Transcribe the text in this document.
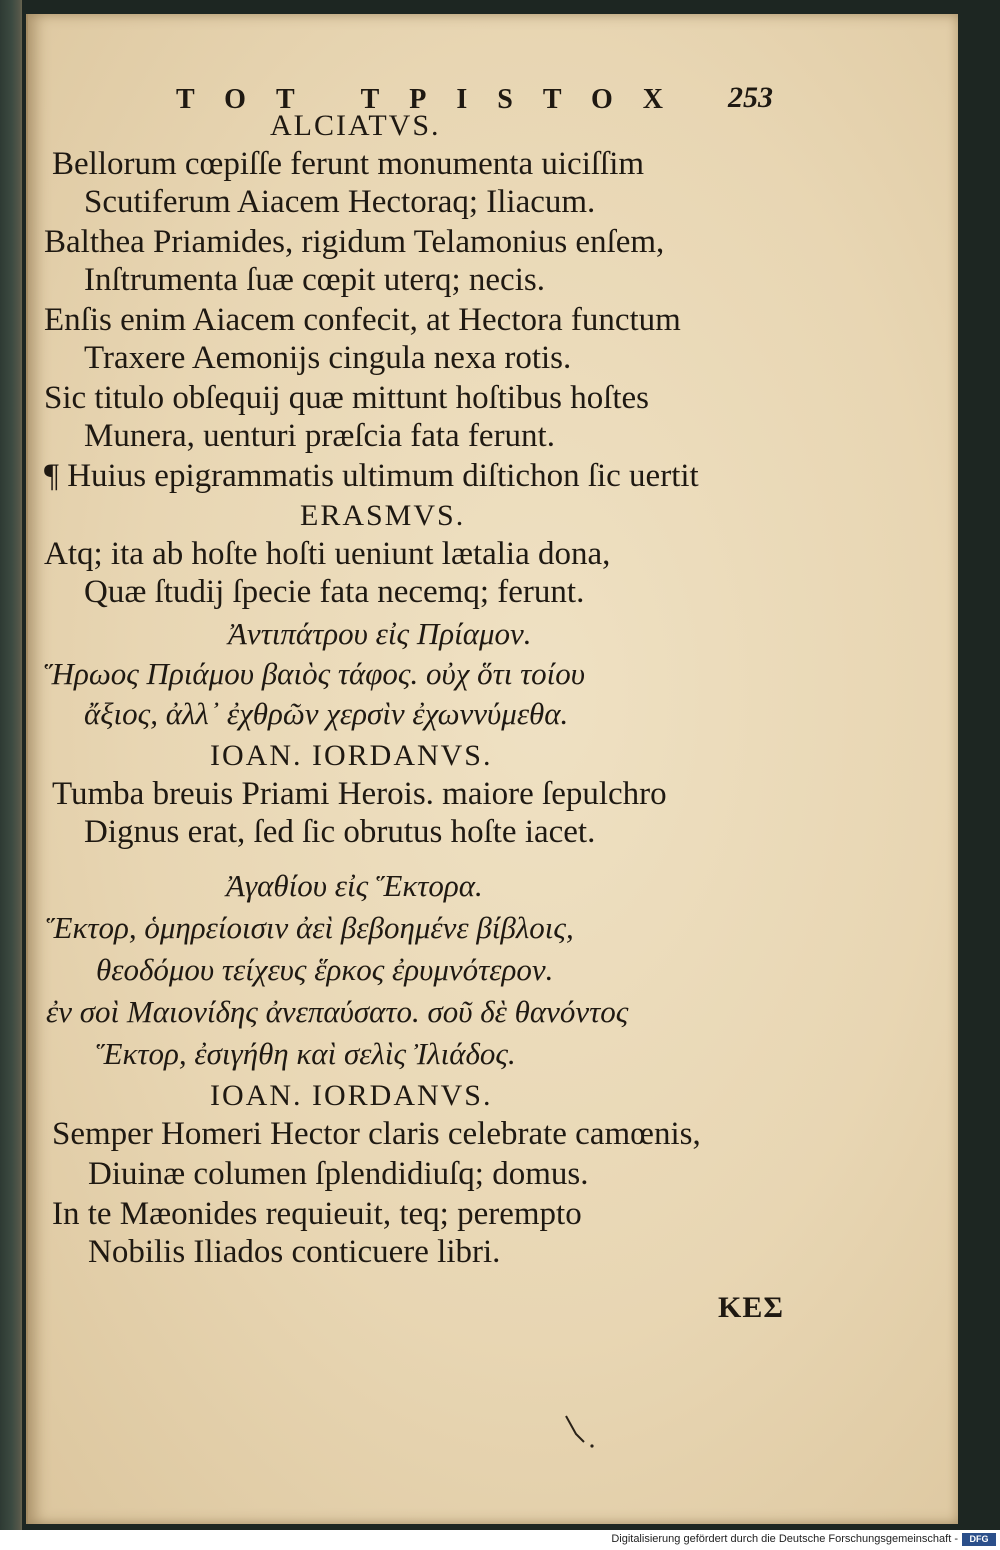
TOT TPISTOX 253
ALCIATVS.
Bellorum cœpiſſe ferunt monumenta uiciſſim
Scutiferum Aiacem Hectoraq; Iliacum.
Balthea Priamides, rigidum Telamonius enſem,
Inſtrumenta ſuæ cœpit uterq; necis.
Enſis enim Aiacem confecit, at Hectora functum
Traxere Aemonijs cingula nexa rotis.
Sic titulo obſequij quæ mittunt hoſtibus hoſtes
Munera, uenturi præſcia fata ferunt.
¶ Huius epigrammatis ultimum diſtichon ſic uertit
ERASMVS.
Atq; ita ab hoſte hoſti ueniunt lætalia dona,
Quæ ſtudij ſpecie fata necemq; ferunt.
Ἀντιπάτρου εἰς Πρίαμον.
Ἥρωος Πριάμου βαιὸς τάφος. οὐχ ὅτι τοίου
ἄξιος, ἀλλ᾽ ἐχθρῶν χερσὶν ἐχωννύμεθα.
IOAN. IORDANVS.
Tumba breuis Priami Herois. maiore ſepulchro
Dignus erat, ſed ſic obrutus hoſte iacet.
Ἀγαθίου εἰς Ἕκτορα.
Ἕκτορ, ὁμηρείοισιν ἀεὶ βεβοημένε βίβλοις,
θεοδόμου τείχευς ἕρκος ἐρυμνότερον.
ἐν σοὶ Μαιονίδης ἀνεπαύσατο. σοῦ δὲ θανόντος
Ἕκτορ, ἐσιγήθη καὶ σελὶς Ἰλιάδος.
IOAN. IORDANVS.
Semper Homeri Hector claris celebrate camœnis,
Diuinæ columen ſplendidiuſq; domus.
In te Mæonides requieuit, teq; perempto
Nobilis Iliados conticuere libri.
ΚΕΣ
Digitalisierung gefördert durch die Deutsche Forschungsgemeinschaft -	DFG
